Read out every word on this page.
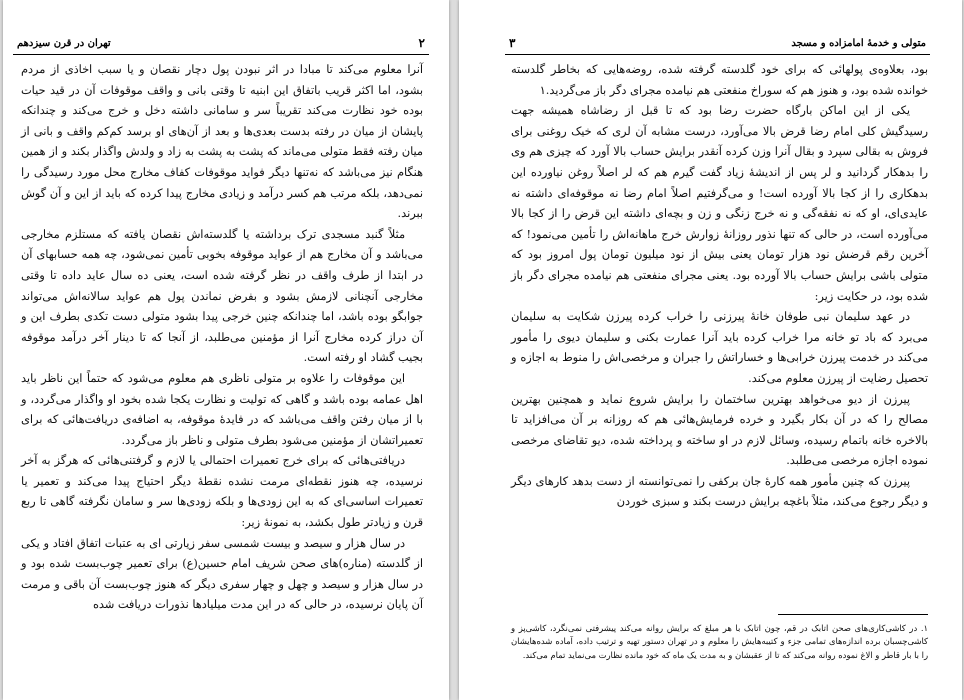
۲
تهران در قرن سیزدهم

آنرا معلوم می‌کند تا مبادا در اثر نبودن پول دچار نقصان و یا سبب اخاذی از مردم بشود، اما اکثر قریب باتفاق این ابنیه تا وقتی بانی و واقف موقوفات آن در قید حیات بوده خود نظارت می‌کند تقریباً سر و سامانی داشته دخل و خرج می‌کند و چندانکه پایشان از میان در رفته بدست بعدی‌ها و بعد از آن‌های او برسد کم‌کم واقف و بانی از میان رفته فقط متولی می‌ماند که پشت به پشت به زاد و ولدش واگذار بکند و از همین هنگام نیز می‌باشد که نه‌تنها دیگر فواید موقوفات کفاف مخارج محل مورد رسیدگی را نمی‌دهد، بلکه مرتب هم کسر درآمد و زیادی مخارج پیدا کرده که باید از این و آن گوش ببرند.

مثلاً گنبد مسجدی ترک برداشته یا گلدسته‌اش نقصان یافته که مستلزم مخارجی می‌باشد و آن مخارج هم از عواید موقوفه بخوبی تأمین نمی‌شود، چه همه حسابهای آن در ابتدا از طرف واقف در نظر گرفته شده است، یعنی ده سال عاید داده تا وقتی مخارجی آنچنانی لازمش بشود و بفرض نماندن پول هم عواید سالانه‌اش می‌تواند جوابگو بوده باشد، اما چندانکه چنین خرجی پیدا بشود متولی دست تکدی بطرف این و آن دراز کرده مخارج آنرا از مؤمنین می‌طلبد، از آنجا که تا دینار آخر درآمد موقوفه بجیب گشاد او رفته است.

این موقوفات را علاوه بر متولی ناظری هم معلوم می‌شود که حتماً این ناظر باید اهل عمامه بوده باشد و گاهی که تولیت و نظارت یکجا شده بخود او واگذار می‌گردد، و با از میان رفتن واقف می‌باشد که در فایدهٔ موقوفه، به اضافه‌ی دریافت‌هائی که برای تعمیراتشان از مؤمنین می‌شود بطرف متولی و ناظر باز می‌گردد.

دریافتی‌هائی که برای خرج تعمیرات احتمالی یا لازم و گرفتنی‌هائی که هرگز به آخر نرسیده، چه هنوز نقطه‌ای مرمت نشده نقطهٔ دیگر احتیاج پیدا می‌کند و تعمیر یا تعمیرات اساسی‌ای که به این زودی‌ها و بلکه زودی‌ها سر و سامان نگرفته گاهی تا ربع قرن و زیادتر طول بکشد، به نمونهٔ زیر:

در سال هزار و سیصد و بیست شمسی سفر زیارتی ای به عتبات اتفاق افتاد و یکی از گلدسته (مناره)های صحن شریف امام حسین(ع) برای تعمیر چوب‌بست شده بود و در سال هزار و سیصد و چهل و چهار سفری دیگر که هنوز چوب‌بست آن باقی و مرمت آن پایان نرسیده، در حالی که در این مدت میلیادها نذورات دریافت شده

۳	متولی و خدمهٔ امامزاده و مسجد

بود، بعلاوه‌ی پولهائی که برای خود گلدسته گرفته شده، روضه‌هایی که بخاطر گلدسته خوانده شده بود، و هنوز هم که سوراخ منفعتی هم نیامده مجرای دگر باز می‌گردید.۱

یکی از این اماکن بارگاه حضرت رضا بود که تا قبل از رضاشاه همیشه جهت رسیدگیش کلی امام رضا قرض بالا می‌آورد، درست مشابه آن لری که خیک روغنی برای فروش به بقالی سپرد و بقال آنرا وزن کرده آنقدر برایش حساب بالا آورد که چیزی هم وی را بدهکار گردانید و لر پس از اندیشهٔ زیاد گفت گیرم هم که لر اصلاً روغن نیاورده این بدهکاری را از کجا بالا آورده است! و می‌گرفتیم اصلاً امام رضا نه موقوفه‌ای داشته نه عایدی‌ای، او که نه نفقه‌گی و نه خرج زنگی و زن و بچه‌ای داشته این قرض را از کجا بالا می‌آورده است، در حالی که تنها نذور روزانهٔ زوارش خرج ماهانه‌اش را تأمین می‌نمود! که آخرین رقم قرضش نود هزار تومان یعنی بیش از نود میلیون تومان پول امروز بود که متولی باشی برایش حساب بالا آورده بود. یعنی مجرای منفعتی هم نیامده مجرای دگر باز شده بود، در حکایت زیر:

در عهد سلیمان نبی طوفان خانهٔ پیرزنی را خراب کرده پیرزن شکایت به سلیمان می‌برد که باد تو خانه مرا خراب کرده باید آنرا عمارت بکنی و سلیمان دیوی را مأمور می‌کند در خدمت پیرزن خرابی‌ها و خساراتش را جبران و مرخصی‌اش را منوط به اجازه و تحصیل رضایت از پیرزن معلوم می‌کند.

پیرزن از دیو می‌خواهد بهترین ساختمان را برایش شروع نماید و همچنین بهترین مصالح را که در آن بکار بگیرد و خرده فرمایش‌هائی هم که روزانه بر آن می‌افزاید تا بالاخره خانه باتمام رسیده، وسائل لازم در او ساخته و پرداخته شده، دیو تقاضای مرخصی نموده اجازه مرخصی می‌طلبد.

پیرزن که چنین مأمور همه کارهٔ جان برکفی را نمی‌توانسته از دست بدهد کارهای دیگر و دیگر رجوع می‌کند، مثلاً باغچه برایش درست بکند و سبزی خوردن

۱. در کاشی‌کاری‌های صحن اتابک در قم، چون اتابک با هر مبلغ که برایش روانه می‌کند پیشرفتی نمی‌نگرد، کاشی‌پز و کاشی‌چسبان برده اندازه‌های تمامی جزء و کتیبه‌هایش را معلوم و در تهران دستور تهیه و ترتیب داده، آماده شده‌هایشان را با بار قاطر و الاغ نموده روانه می‌کند که تا از عقبشان و به مدت یک ماه که خود مانده نظارت می‌نماید تمام می‌کند.
